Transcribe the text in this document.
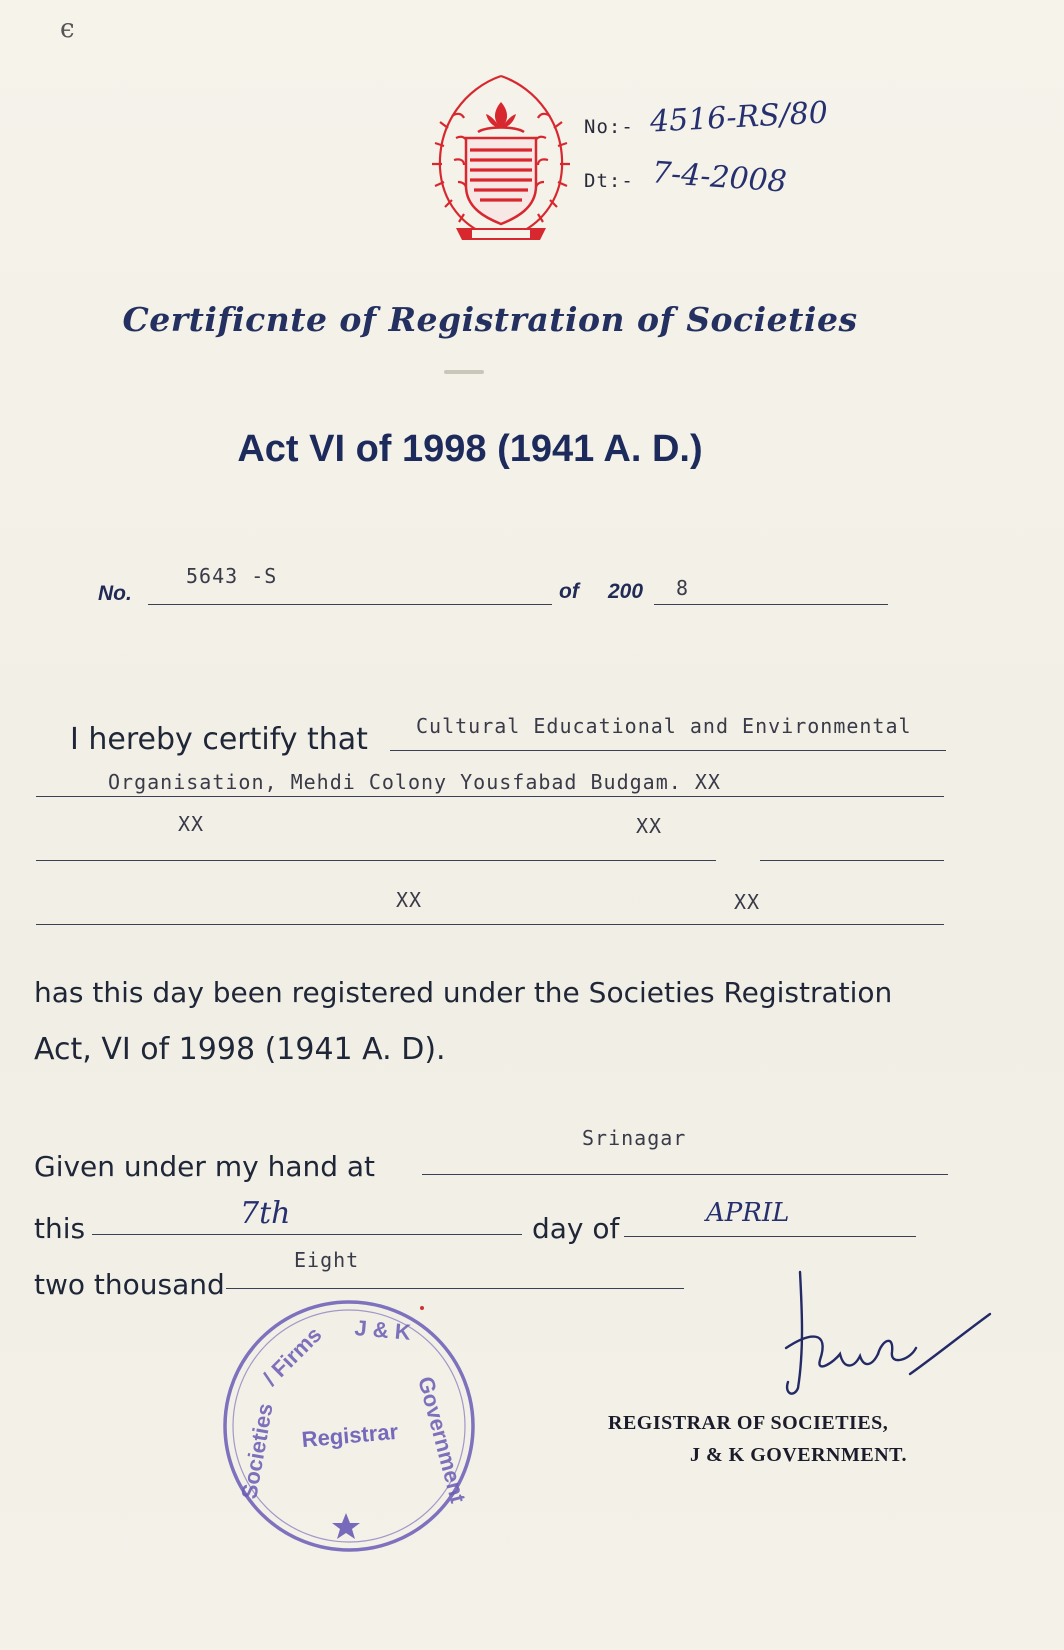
ϵ
No:- 4516-RS/80
Dt:- 7-4-2008
Certificnte of Registration of Societies
Act VI of 1998 (1941 A. D.)
No.
5643 -S
of 200 8
I hereby certify that Cultural Educational and Environmental
Organisation, Mehdi Colony Yousfabad Budgam. XX
XX	XX
XX	XX
has this day been registered under the Societies Registration
Act, VI of 1998 (1941 A. D).
Srinagar
Given under my hand at
this	7th	day of	APRIL
Eight
two thousand
REGISTRAR OF SOCIETIES,
J & K GOVERNMENT.
Registrar
Societies
/ Firms J & K
Government
